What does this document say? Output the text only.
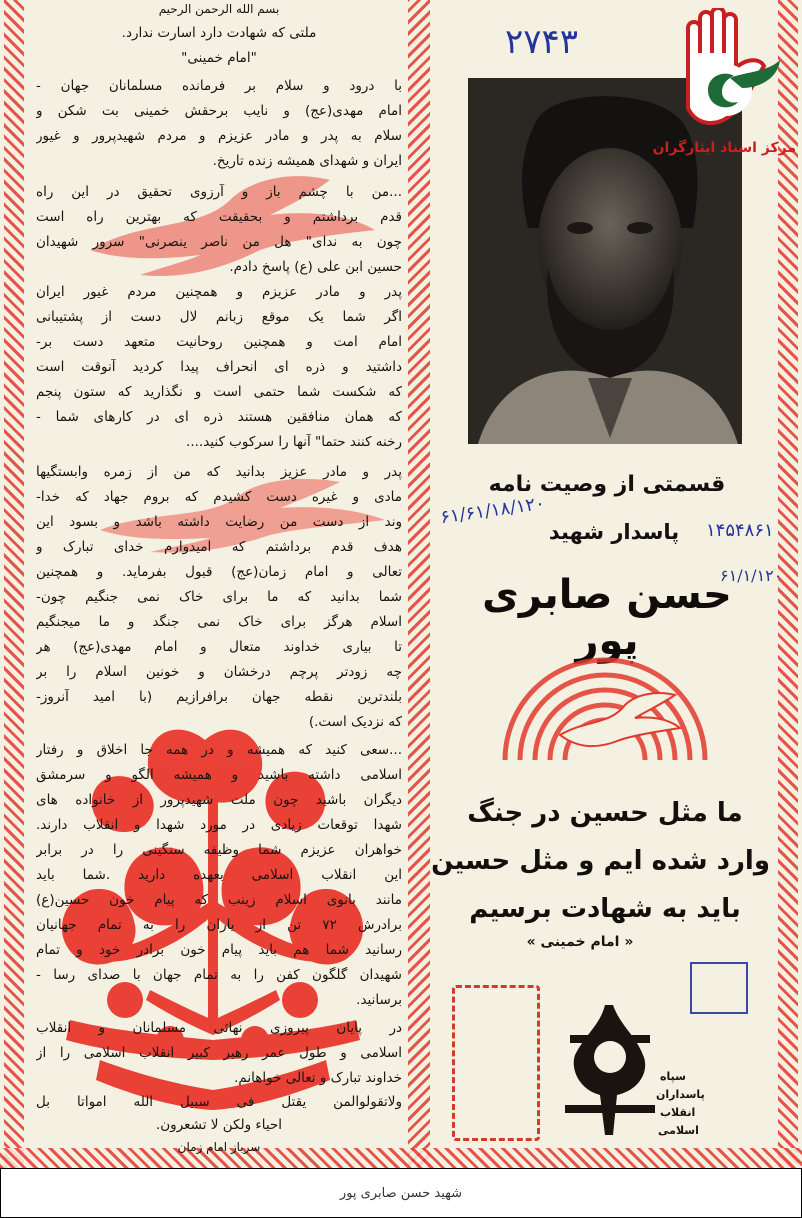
بسم الله الرحمن الرحیم
ملتی که شهادت دارد اسارت ندارد.
"امام خمینی"
با درود و سلام بر فرمانده مسلمانان جهان -
امام مهدی(عج) و نایب برحقش خمینی بت شکن و
سلام به پدر و مادر عزیزم و مردم شهیدپرور و غیور
ایران و شهدای همیشه زنده تاریخ.
...من با چشم باز و آرزوی تحقیق در این راه
قدم برداشتم و بحقیقت که بهترین راه است
چون به ندای" هل من ناصر ینصرنی" سرور شهیدان
حسین ابن علی (ع) پاسخ دادم.
پدر و مادر عزیزم و همچنین مردم غیور ایران
اگر شما یک موقع زبانم لال دست از پشتیبانی
امام امت و همچنین روحانیت متعهد دست بر-
داشتید و ذره ای انحراف پیدا کردید آنوقت است
که شکست شما حتمی است و نگذارید که ستون پنجم
که همان منافقین هستند ذره ای در کارهای شما -
رخنه کنند حتما" آنها را سرکوب کنید....
پدر و مادر عزیز بدانید که من از زمره وابستگیها
مادی و غیره دست کشیدم که بروم جهاد که خدا-
وند از دست من رضایت داشته باشد و بسود این
هدف قدم برداشتم که امیدوارم خدای تبارک و
تعالی و امام زمان(عج) قبول بفرماید. و همچنین
شما بدانید که ما برای خاک نمی جنگیم چون-
اسلام هرگز برای خاک نمی جنگد و ما میجنگیم
تا بیاری خداوند متعال و امام مهدی(عج) هر
چه زودتر پرچم درخشان و خونین اسلام را بر
بلندترین نقطه جهان برافرازیم (با امید آنروز-
که نزدیک است.)
...سعی کنید که همیشه و در همه جا اخلاق و رفتار
اسلامی داشته باشید و همیشه الگو و سرمشق
دیگران باشید چون ملت شهیدپرور از خانواده های
شهدا توقعات زیادی در مورد شهدا و انقلاب دارند.
خواهران عزیزم شما وظیفه سنگینی را در برابر
این انقلاب اسلامی بعهده دارید .شما باید
مانند بانوی اسلام زینب که پیام خون حسین(ع)
برادرش ۷۲ تن از یاران را به تمام جهانیان
رسانید شما هم باید پیام خون برادر خود و تمام
شهیدان گلگون کفن را به تمام جهان با صدای رسا -
برسانید.
در پایان پیروزی نهائی مسلمانان و انقلاب
اسلامی و طول عمر رهبر کبیر انقلاب اسلامی را از
خداوند تبارک و تعالی خواهانم.
ولاتقولوالمن یقتل فی سبیل الله امواتا بل
احیاء ولکن لا تشعرون.
سرباز امام زمان
۲۷۴۳
قسمتی از وصیت نامه
پاسدار شهید
حسن صابری پور
۶۱/۶۱/۱۸/۱۲۰
۱۴۵۴۸۶۱
۶۱/۱/۱۲۰
ما مثل حسین در جنگ
وارد شده ایم و مثل حسین
باید به شهادت برسیم
« امام خمینی »
سپاه
پاسداران
انقلاب
اسلامی
مرکز اسناد ایثارگران
شهید حسن صابری پور
